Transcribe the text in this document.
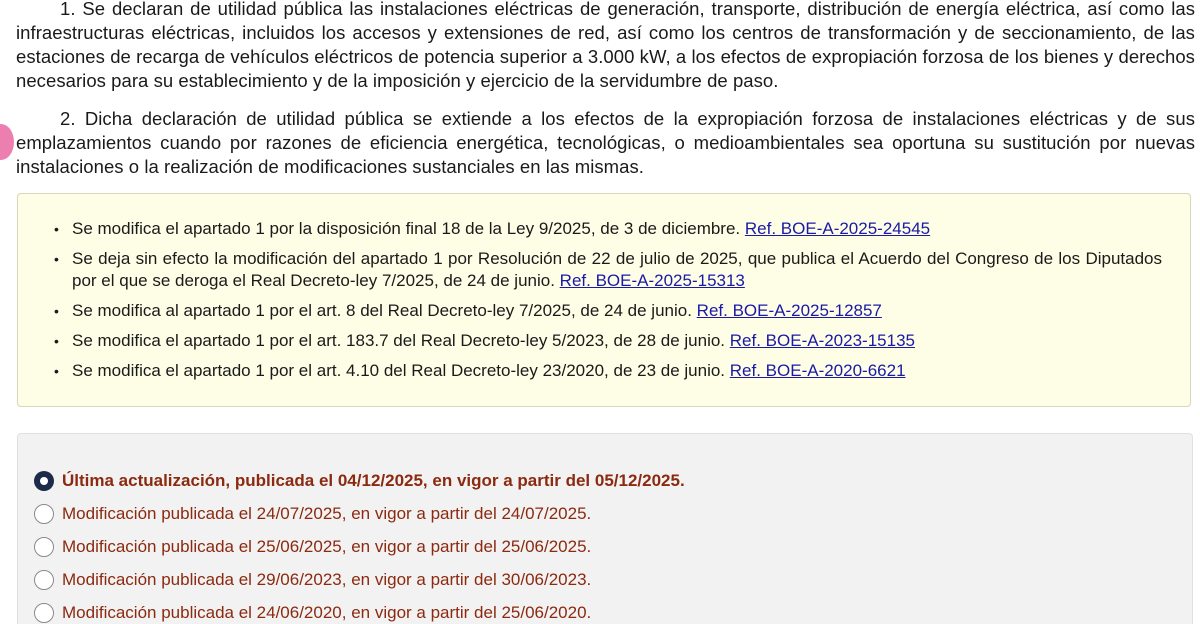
1. Se declaran de utilidad pública las instalaciones eléctricas de generación, transporte, distribución de energía eléctrica, así como las infraestructuras eléctricas, incluidos los accesos y extensiones de red, así como los centros de transformación y de seccionamiento, de las estaciones de recarga de vehículos eléctricos de potencia superior a 3.000 kW, a los efectos de expropiación forzosa de los bienes y derechos necesarios para su establecimiento y de la imposición y ejercicio de la servidumbre de paso.

2. Dicha declaración de utilidad pública se extiende a los efectos de la expropiación forzosa de instalaciones eléctricas y de sus emplazamientos cuando por razones de eficiencia energética, tecnológicas, o medioambientales sea oportuna su sustitución por nuevas instalaciones o la realización de modificaciones sustanciales en las mismas.

• Se modifica el apartado 1 por la disposición final 18 de la Ley 9/2025, de 3 de diciembre. Ref. BOE-A-2025-24545
• Se deja sin efecto la modificación del apartado 1 por Resolución de 22 de julio de 2025, que publica el Acuerdo del Congreso de los Diputados por el que se deroga el Real Decreto-ley 7/2025, de 24 de junio. Ref. BOE-A-2025-15313
• Se modifica al apartado 1 por el art. 8 del Real Decreto-ley 7/2025, de 24 de junio. Ref. BOE-A-2025-12857
• Se modifica el apartado 1 por el art. 183.7 del Real Decreto-ley 5/2023, de 28 de junio. Ref. BOE-A-2023-15135
• Se modifica el apartado 1 por el art. 4.10 del Real Decreto-ley 23/2020, de 23 de junio. Ref. BOE-A-2020-6621
Última actualización, publicada el 04/12/2025, en vigor a partir del 05/12/2025.
Modificación publicada el 24/07/2025, en vigor a partir del 24/07/2025.
Modificación publicada el 25/06/2025, en vigor a partir del 25/06/2025.
Modificación publicada el 29/06/2023, en vigor a partir del 30/06/2023.
Modificación publicada el 24/06/2020, en vigor a partir del 25/06/2020.
